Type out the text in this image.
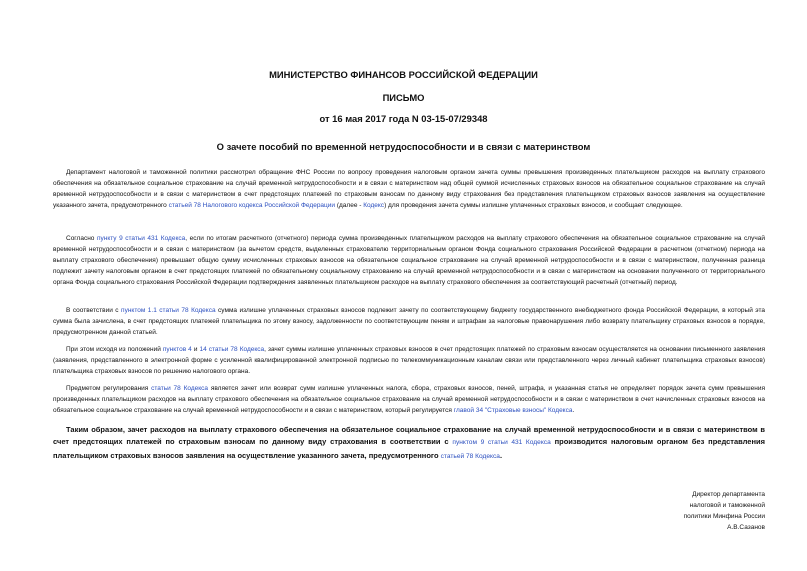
МИНИСТЕРСТВО ФИНАНСОВ РОССИЙСКОЙ ФЕДЕРАЦИИ
ПИСЬМО
от 16 мая 2017 года N 03-15-07/29348
О зачете пособий по временной нетрудоспособности и в связи с материнством

Департамент налоговой и таможенной политики рассмотрел обращение ФНС России по вопросу проведения налоговым органом зачета суммы превышения произведенных плательщиком расходов на выплату страхового обеспечения на обязательное социальное страхование на случай временной нетрудоспособности и в связи с материнством над общей суммой исчисленных страховых взносов на обязательное социальное страхование на случай временной нетрудоспособности и в связи с материнством в счет предстоящих платежей по страховым взносам по данному виду страхования без представления плательщиком страховых взносов заявления на осуществление указанного зачета, предусмотренного статьей 78 Налогового кодекса Российской Федерации (далее - Кодекс) для проведения зачета суммы излишне уплаченных страховых взносов, и сообщает следующее.

Согласно пункту 9 статьи 431 Кодекса, если по итогам расчетного (отчетного) периода сумма произведенных плательщиком расходов на выплату страхового обеспечения на обязательное социальное страхование на случай временной нетрудоспособности и в связи с материнством (за вычетом средств, выделенных страхователю территориальным органом Фонда социального страхования Российской Федерации в расчетном (отчетном) периода на выплату страхового обеспечения) превышает общую сумму исчисленных страховых взносов на обязательное социальное страхование на случай временной нетрудоспособности и в связи с материнством, полученная разница подлежит зачету налоговым органом в счет предстоящих платежей по обязательному социальному страхованию на случай временной нетрудоспособности и в связи с материнством на основании полученного от территориального органа Фонда социального страхования Российской Федерации подтверждения заявленных плательщиком расходов на выплату страхового обеспечения за соответствующий расчетный (отчетный) период.

В соответствии с пунктом 1.1 статьи 78 Кодекса сумма излишне уплаченных страховых взносов подлежит зачету по соответствующему бюджету государственного внебюджетного фонда Российской Федерации, в который эта сумма была зачислена, в счет предстоящих платежей плательщика по этому взносу, задолженности по соответствующим пеням и штрафам за налоговые правонарушения либо возврату плательщику страховых взносов в порядке, предусмотренном данной статьей.

При этом исходя из положений пунктов 4 и 14 статьи 78 Кодекса, зачет суммы излишне уплаченных страховых взносов в счет предстоящих платежей по страховым взносам осуществляется на основании письменного заявления (заявления, представленного в электронной форме с усиленной квалифицированной электронной подписью по телекоммуникационным каналам связи или представленного через личный кабинет плательщика страховых взносов) плательщика страховых взносов по решению налогового органа.

Предметом регулирования статьи 78 Кодекса является зачет или возврат сумм излишне уплаченных налога, сбора, страховых взносов, пеней, штрафа, и указанная статья не определяет порядок зачета сумм превышения произведенных плательщиком расходов на выплату страхового обеспечения на обязательное социальное страхование на случай временной нетрудоспособности и в связи с материнством в счет начисленных страховых взносов на обязательное социальное страхование на случай временной нетрудоспособности и в связи с материнством, который регулируется главой 34 "Страховые взносы" Кодекса.

Таким образом, зачет расходов на выплату страхового обеспечения на обязательное социальное страхование на случай временной нетрудоспособности и в связи с материнством в счет предстоящих платежей по страховым взносам по данному виду страхования в соответствии с пунктом 9 статьи 431 Кодекса производится налоговым органом без представления плательщиком страховых взносов заявления на осуществление указанного зачета, предусмотренного статьей 78 Кодекса.

Директор департамента
налоговой и таможенной
политики Минфина России
А.В.Сазанов
